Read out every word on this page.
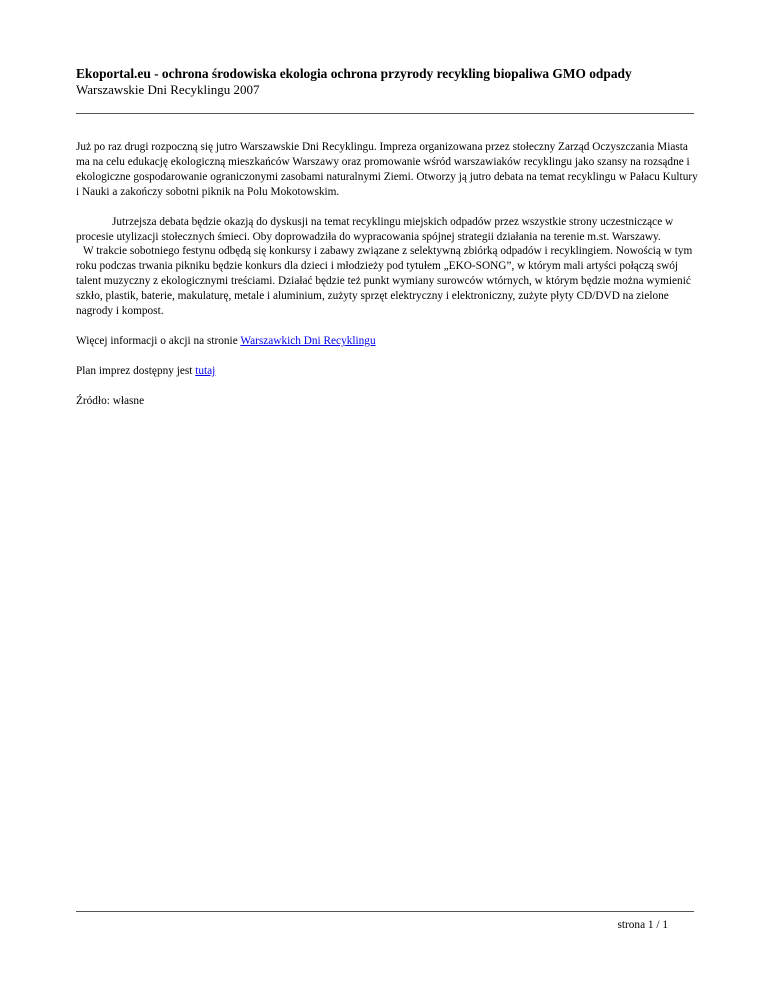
Ekoportal.eu - ochrona środowiska ekologia ochrona przyrody recykling biopaliwa GMO odpady
Warszawskie Dni Recyklingu 2007

Już po raz drugi rozpoczną się jutro Warszawskie Dni Recyklingu. Impreza organizowana przez stołeczny Zarząd Oczyszczania Miasta ma na celu edukację ekologiczną mieszkańców Warszawy oraz promowanie wśród warszawiaków recyklingu jako szansy na rozsądne i ekologiczne gospodarowanie ograniczonymi zasobami naturalnymi Ziemi. Otworzy ją jutro debata na temat recyklingu w Pałacu Kultury i Nauki a zakończy sobotni piknik na Polu Mokotowskim.

Jutrzejsza debata będzie okazją do dyskusji na temat recyklingu miejskich odpadów przez wszystkie strony uczestniczące w procesie utylizacji stołecznych śmieci. Oby doprowadziła do wypracowania spójnej strategii działania na terenie m.st. Warszawy.

W trakcie sobotniego festynu odbędą się konkursy i zabawy związane z selektywną zbiórką odpadów i recyklingiem. Nowością w tym roku podczas trwania pikniku będzie konkurs dla dzieci i młodzieży pod tytułem „EKO-SONG”, w którym mali artyści połączą swój talent muzyczny z ekologicznymi treściami. Działać będzie też punkt wymiany surowców wtórnych, w którym będzie można wymienić szkło, plastik, baterie, makulaturę, metale i aluminium, zużyty sprzęt elektryczny i elektroniczny, zużyte płyty CD/DVD na zielone nagrody i kompost.

Więcej informacji o akcji na stronie Warszawkich Dni Recyklingu

Plan imprez dostępny jest tutaj

Źródło: własne

strona 1 / 1
